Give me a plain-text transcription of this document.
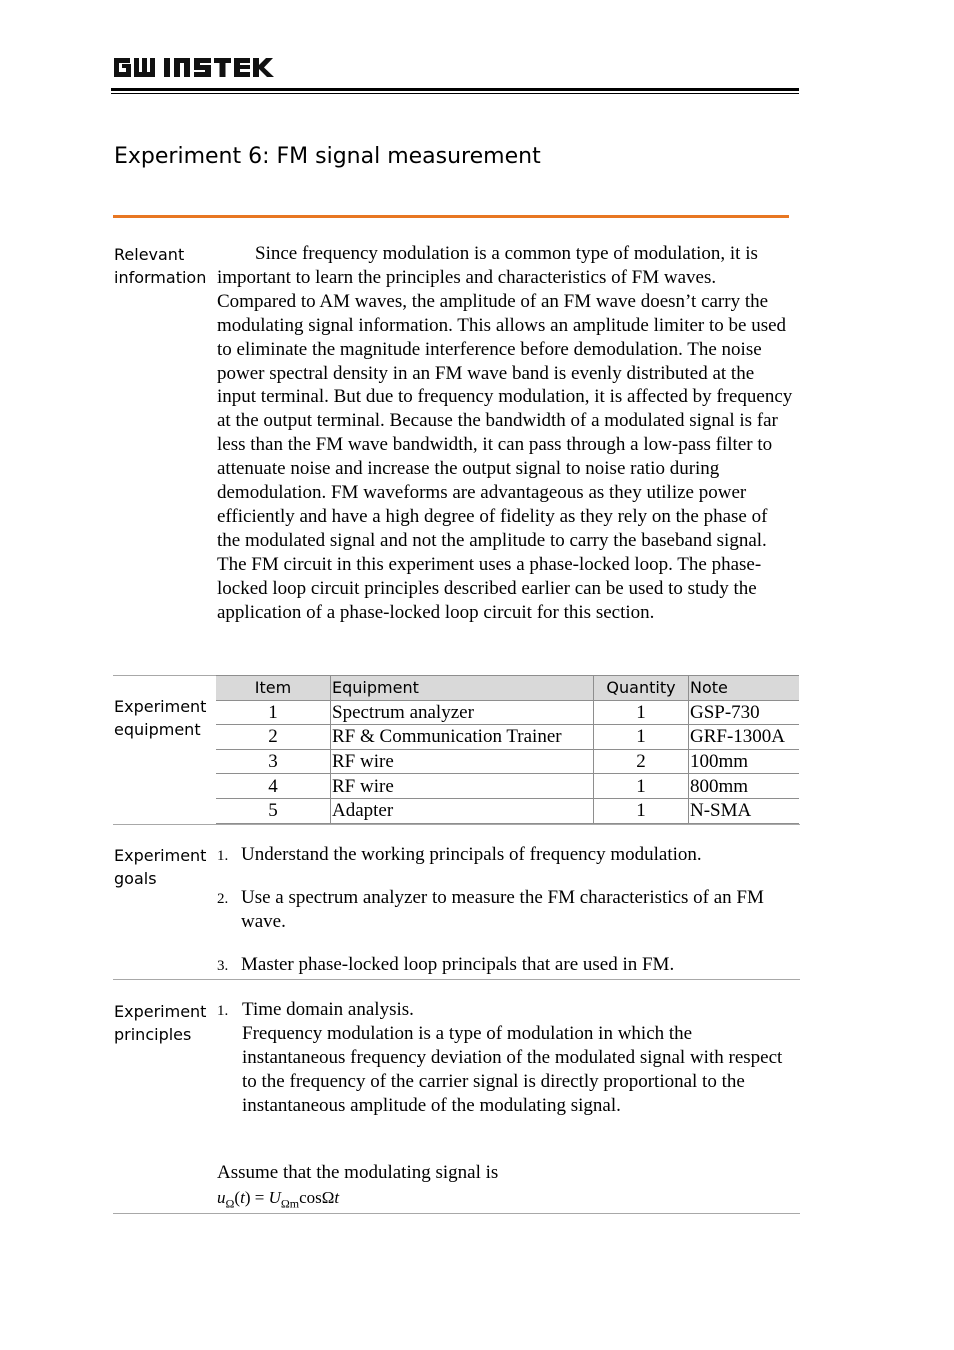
Experiment 6: FM signal measurement
Relevant
information
Since frequency modulation is a common type of modulation, it is important to learn the principles and characteristics of FM waves. Compared to AM waves, the amplitude of an FM wave doesn’t carry the modulating signal information. This allows an amplitude limiter to be used to eliminate the magnitude interference before demodulation. The noise power spectral density in an FM wave band is evenly distributed at the input terminal. But due to frequency modulation, it is affected by frequency at the output terminal. Because the bandwidth of a modulated signal is far less than the FM wave bandwidth, it can pass through a low-pass filter to attenuate noise and increase the output signal to noise ratio during demodulation. FM waveforms are advantageous as they utilize power efficiently and have a high degree of fidelity as they rely on the phase of the modulated signal and not the amplitude to carry the baseband signal. The FM circuit in this experiment uses a phase-locked loop. The phase-locked loop circuit principles described earlier can be used to study the application of a phase-locked loop circuit for this section.
Experiment
equipment
Item	Equipment	Quantity	Note
1	Spectrum analyzer	1	GSP-730
2	RF & Communication Trainer	1	GRF-1300A
3	RF wire	2	100mm
4	RF wire	1	800mm
5	Adapter	1	N-SMA
Experiment
goals
1. Understand the working principals of frequency modulation.
2. Use a spectrum analyzer to measure the FM characteristics of an FM wave.
3. Master phase-locked loop principals that are used in FM.
Experiment
principles
1. Time domain analysis.
Frequency modulation is a type of modulation in which the instantaneous frequency deviation of the modulated signal with respect to the frequency of the carrier signal is directly proportional to the instantaneous amplitude of the modulating signal.
Assume that the modulating signal is
$u_\Omega(t) = U_{\Omega m}\cos\Omega t$
